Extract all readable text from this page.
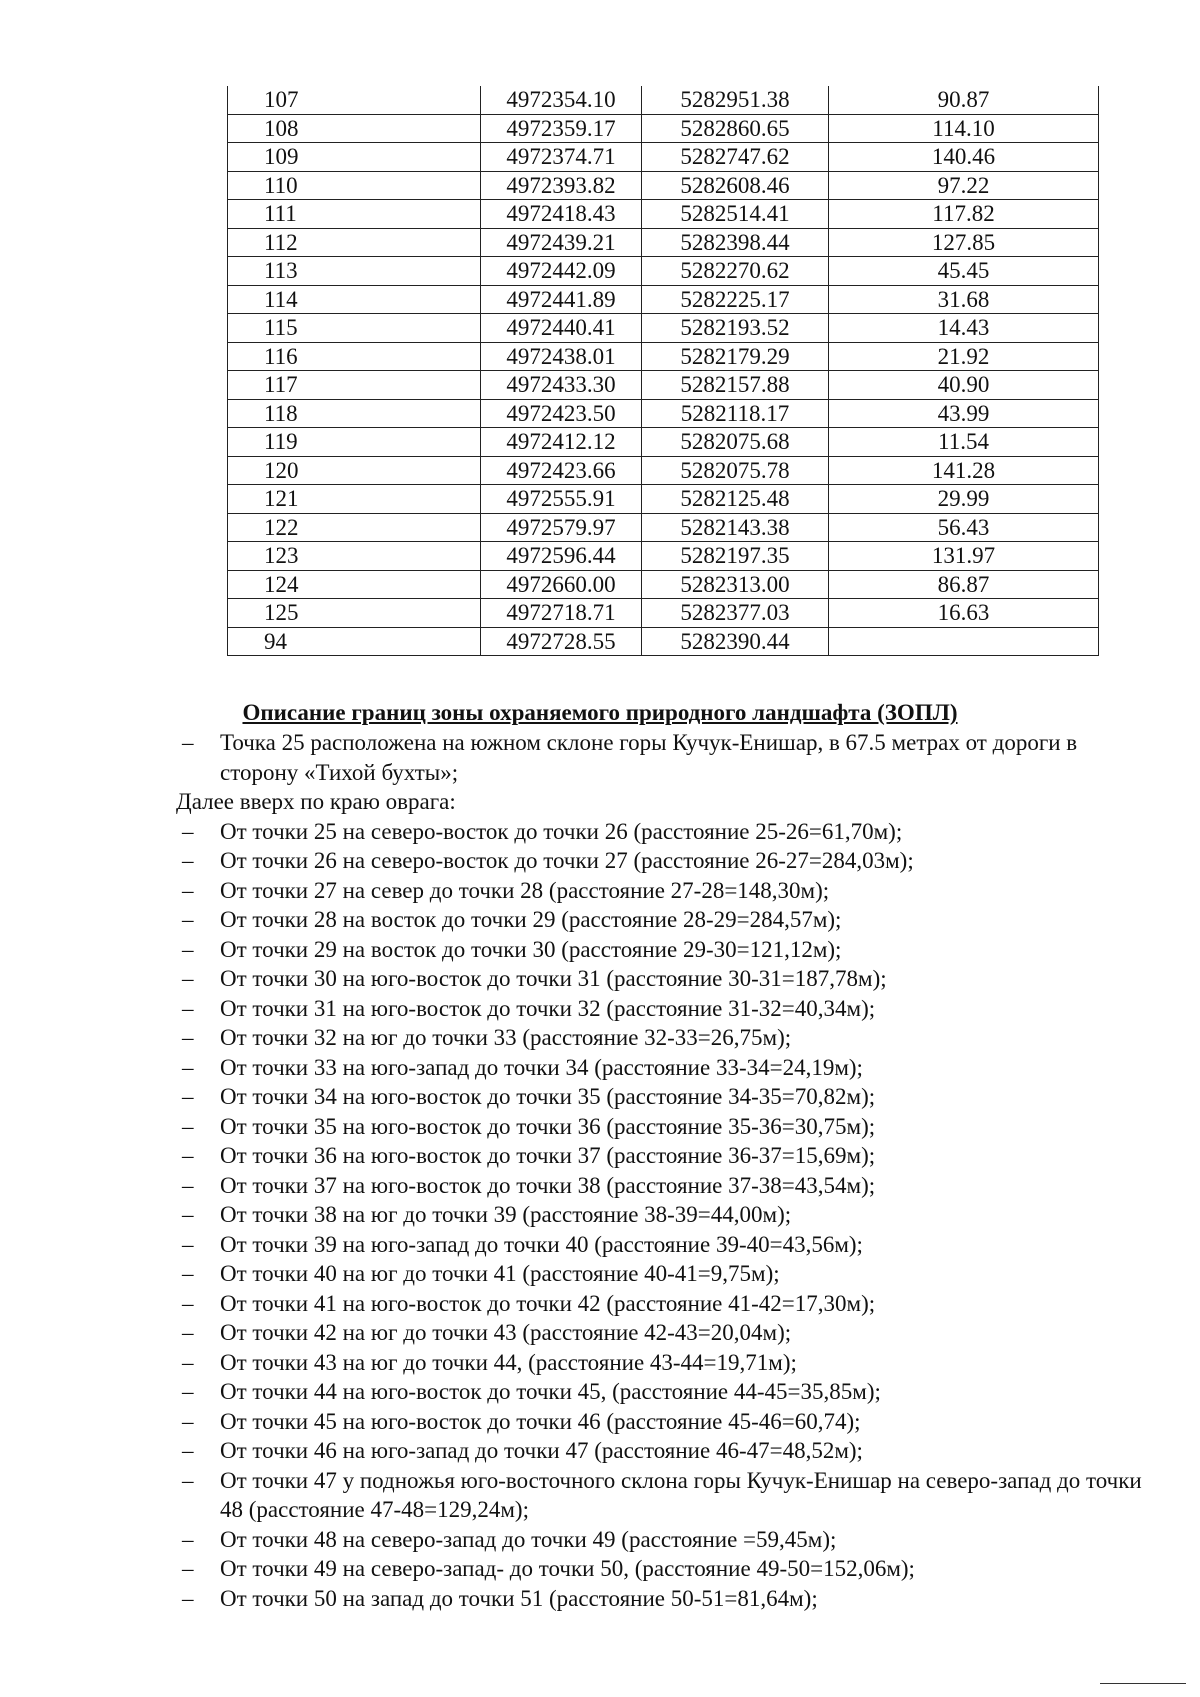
107	4972354.10	5282951.38	90.87
108	4972359.17	5282860.65	114.10
109	4972374.71	5282747.62	140.46
110	4972393.82	5282608.46	97.22
111	4972418.43	5282514.41	117.82
112	4972439.21	5282398.44	127.85
113	4972442.09	5282270.62	45.45
114	4972441.89	5282225.17	31.68
115	4972440.41	5282193.52	14.43
116	4972438.01	5282179.29	21.92
117	4972433.30	5282157.88	40.90
118	4972423.50	5282118.17	43.99
119	4972412.12	5282075.68	11.54
120	4972423.66	5282075.78	141.28
121	4972555.91	5282125.48	29.99
122	4972579.97	5282143.38	56.43
123	4972596.44	5282197.35	131.97
124	4972660.00	5282313.00	86.87
125	4972718.71	5282377.03	16.63
94	4972728.55	5282390.44	
Описание границ зоны охраняемого природного ландшафта (ЗОПЛ)
– Точка 25 расположена на южном склоне горы Кучук-Енишар, в 67.5 метрах от дороги в сторону «Тихой бухты»;
Далее вверх по краю оврага:
– От точки 25 на северо-восток до точки 26 (расстояние 25-26=61,70м);
– От точки 26 на северо-восток до точки 27 (расстояние 26-27=284,03м);
– От точки 27 на север до точки 28 (расстояние 27-28=148,30м);
– От точки 28 на восток до точки 29 (расстояние 28-29=284,57м);
– От точки 29 на восток до точки 30 (расстояние 29-30=121,12м);
– От точки 30 на юго-восток до точки 31 (расстояние 30-31=187,78м);
– От точки 31 на юго-восток до точки 32 (расстояние 31-32=40,34м);
– От точки 32 на юг до точки 33 (расстояние 32-33=26,75м);
– От точки 33 на юго-запад до точки 34 (расстояние 33-34=24,19м);
– От точки 34 на юго-восток до точки 35 (расстояние 34-35=70,82м);
– От точки 35 на юго-восток до точки 36 (расстояние 35-36=30,75м);
– От точки 36 на юго-восток до точки 37 (расстояние 36-37=15,69м);
– От точки 37 на юго-восток до точки 38 (расстояние 37-38=43,54м);
– От точки 38 на юг до точки 39 (расстояние 38-39=44,00м);
– От точки 39 на юго-запад до точки 40 (расстояние 39-40=43,56м);
– От точки 40 на юг до точки 41 (расстояние 40-41=9,75м);
– От точки 41 на юго-восток до точки 42 (расстояние 41-42=17,30м);
– От точки 42 на юг до точки 43 (расстояние 42-43=20,04м);
– От точки 43 на юг до точки 44, (расстояние 43-44=19,71м);
– От точки 44 на юго-восток до точки 45, (расстояние 44-45=35,85м);
– От точки 45 на юго-восток до точки 46 (расстояние 45-46=60,74);
– От точки 46 на юго-запад до точки 47 (расстояние 46-47=48,52м);
– От точки 47 у подножья юго-восточного склона горы Кучук-Енишар на северо-запад до точки 48 (расстояние 47-48=129,24м);
– От точки 48 на северо-запад до точки 49 (расстояние =59,45м);
– От точки 49 на северо-запад- до точки 50, (расстояние 49-50=152,06м);
– От точки 50 на запад до точки 51 (расстояние 50-51=81,64м);
